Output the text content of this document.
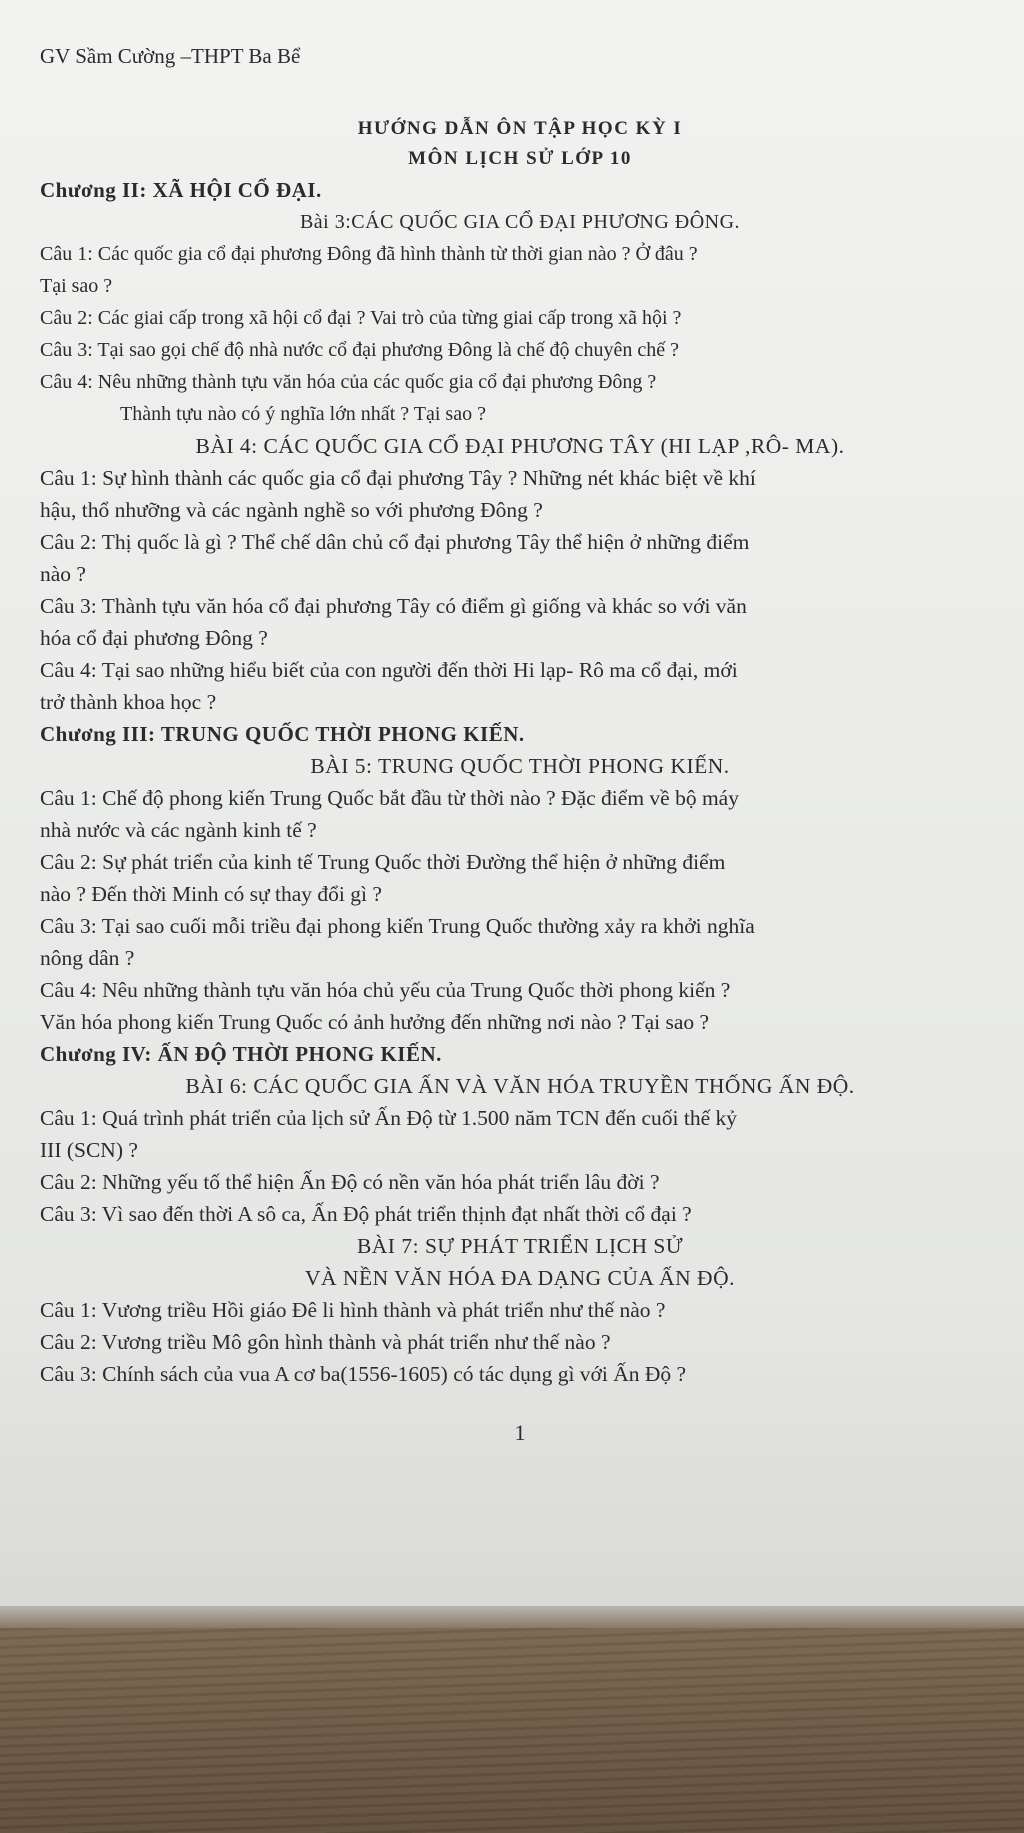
GV Sầm Cường –THPT Ba Bể
HƯỚNG DẪN ÔN TẬP HỌC KỲ I
MÔN LỊCH SỬ LỚP 10
Chương II: XÃ HỘI CỔ ĐẠI.
Bài 3:CÁC QUỐC GIA CỔ ĐẠI PHƯƠNG ĐÔNG.
Câu 1: Các quốc gia cổ đại phương Đông đã hình thành từ thời gian nào ? Ở đâu ?
Tại sao ?
Câu 2: Các giai cấp trong xã hội cổ đại ? Vai trò của từng giai cấp trong xã hội ?
Câu 3: Tại sao gọi chế độ nhà nước cổ đại phương Đông là chế độ chuyên chế ?
Câu 4: Nêu những thành tựu văn hóa của các quốc gia cổ đại phương Đông ?
Thành tựu nào có ý nghĩa lớn nhất ? Tại sao ?
BÀI 4: CÁC QUỐC GIA CỔ ĐẠI PHƯƠNG TÂY (HI LẠP ,RÔ- MA).
Câu 1: Sự hình thành các quốc gia cổ đại phương Tây ? Những nét khác biệt về khí
hậu, thổ nhưỡng và các ngành nghề so với phương Đông ?
Câu 2: Thị quốc là gì ? Thể chế dân chủ cổ đại phương Tây thể hiện ở những điểm
nào ?
Câu 3: Thành tựu văn hóa cổ đại phương Tây có điểm gì giống và khác so với văn
hóa cổ đại phương Đông ?
Câu 4: Tại sao những hiểu biết của con người đến thời Hi lạp- Rô ma cổ đại, mới
trở thành khoa học ?
Chương III: TRUNG QUỐC THỜI PHONG KIẾN.
BÀI 5: TRUNG QUỐC THỜI PHONG KIẾN.
Câu 1: Chế độ phong kiến Trung Quốc bắt đầu từ thời nào ? Đặc điểm về bộ máy
nhà nước và các ngành kinh tế ?
Câu 2: Sự phát triển của kinh tế Trung Quốc thời Đường thể hiện ở những điểm
nào ? Đến thời Minh có sự thay đổi gì ?
Câu 3: Tại sao cuối mỗi triều đại phong kiến Trung Quốc thường xảy ra khởi nghĩa
nông dân ?
Câu 4: Nêu những thành tựu văn hóa chủ yếu của Trung Quốc thời phong kiến ?
Văn hóa phong kiến Trung Quốc có ảnh hưởng đến những nơi nào ? Tại sao ?
Chương IV: ẤN ĐỘ THỜI PHONG KIẾN.
BÀI 6: CÁC QUỐC GIA ẤN VÀ VĂN HÓA TRUYỀN THỐNG ẤN ĐỘ.
Câu 1: Quá trình phát triển của lịch sử Ấn Độ từ 1.500 năm TCN đến cuối thế kỷ
III (SCN) ?
Câu 2: Những yếu tố thể hiện Ấn Độ có nền văn hóa phát triển lâu đời ?
Câu 3: Vì sao đến thời A sô ca, Ấn Độ phát triển thịnh đạt nhất thời cổ đại ?
BÀI 7: SỰ PHÁT TRIỂN LỊCH SỬ
VÀ NỀN VĂN HÓA ĐA DẠNG CỦA ẤN ĐỘ.
Câu 1: Vương triều Hồi giáo Đê li hình thành và phát triển như thế nào ?
Câu 2: Vương triều Mô gôn hình thành và phát triển như thế nào ?
Câu 3: Chính sách của vua A cơ ba(1556-1605) có tác dụng gì với Ấn Độ ?
1
